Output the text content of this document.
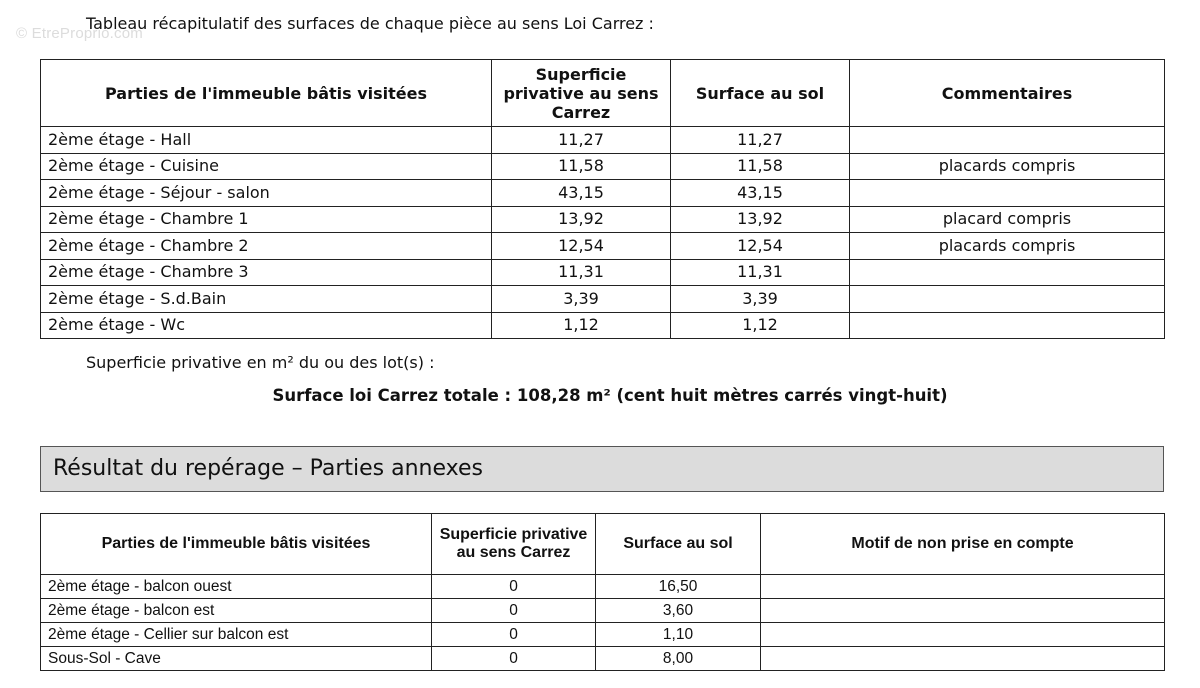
© EtreProprio.com
Tableau récapitulatif des surfaces de chaque pièce au sens Loi Carrez :
Parties de l'immeuble bâtis visitées	Superficie privative au sens Carrez	Surface au sol	Commentaires
2ème étage - Hall	11,27	11,27	
2ème étage - Cuisine	11,58	11,58	placards compris
2ème étage - Séjour - salon	43,15	43,15	
2ème étage - Chambre 1	13,92	13,92	placard compris
2ème étage - Chambre 2	12,54	12,54	placards compris
2ème étage - Chambre 3	11,31	11,31	
2ème étage - S.d.Bain	3,39	3,39	
2ème étage - Wc	1,12	1,12	
Superficie privative en m² du ou des lot(s) :
Surface loi Carrez totale : 108,28 m² (cent huit mètres carrés vingt-huit)
Résultat du repérage – Parties annexes
Parties de l'immeuble bâtis visitées	Superficie privative au sens Carrez	Surface au sol	Motif de non prise en compte
2ème étage - balcon ouest	0	16,50	
2ème étage - balcon est	0	3,60	
2ème étage - Cellier sur balcon est	0	1,10	
Sous-Sol - Cave	0	8,00	
